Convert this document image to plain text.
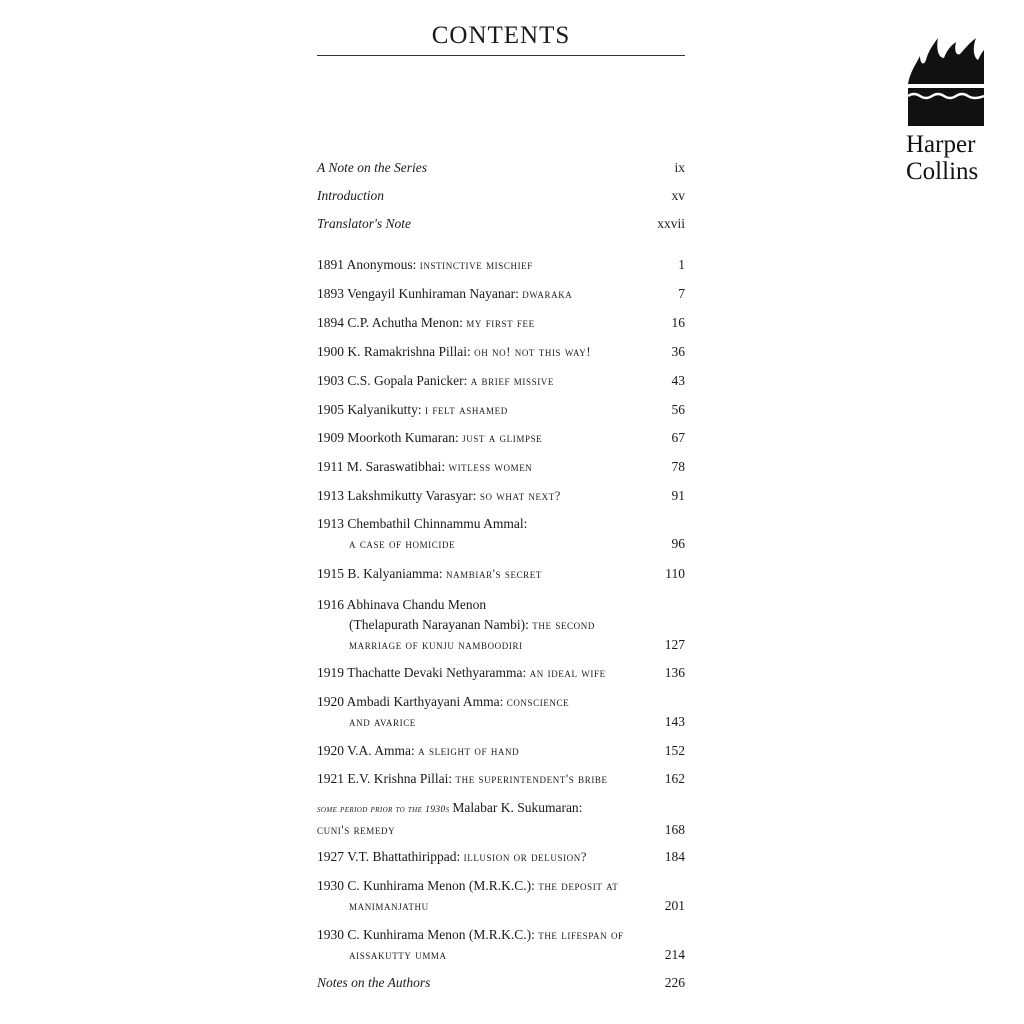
CONTENTS
A Note on the Series	ix
Introduction	xv
Translator's Note	xxvii
1891 Anonymous: instinctive mischief	1
1893 Vengayil Kunhiraman Nayanar: dwaraka	7
1894 C.P. Achutha Menon: my first fee	16
1900 K. Ramakrishna Pillai: oh no! not this way!	36
1903 C.S. Gopala Panicker: a brief missive	43
1905 Kalyanikutty: i felt ashamed	56
1909 Moorkoth Kumaran: just a glimpse	67
1911 M. Saraswatibhai: witless women	78
1913 Lakshmikutty Varasyar: so what next?	91
1913 Chembathil Chinnammu Ammal:
a case of homicide	96
1915 B. Kalyaniamma: nambiar's secret	110
1916 Abhinava Chandu Menon
(Thelapurath Narayanan Nambi): the second
marriage of kunju namboodiri	127
1919 Thachatte Devaki Nethyaramma: an ideal wife	136
1920 Ambadi Karthyayani Amma: conscience
and avarice	143
1920 V.A. Amma: a sleight of hand	152
1921 E.V. Krishna Pillai: the superintendent's bribe	162
some period prior to the 1930s Malabar K. Sukumaran:
cuni's remedy	168
1927 V.T. Bhattathirippad: illusion or delusion?	184
1930 C. Kunhirama Menon (M.R.K.C.): the deposit at
manimanjathu	201
1930 C. Kunhirama Menon (M.R.K.C.): the lifespan of
aissakutty umma	214
Notes on the Authors	226
Harper
Collins
